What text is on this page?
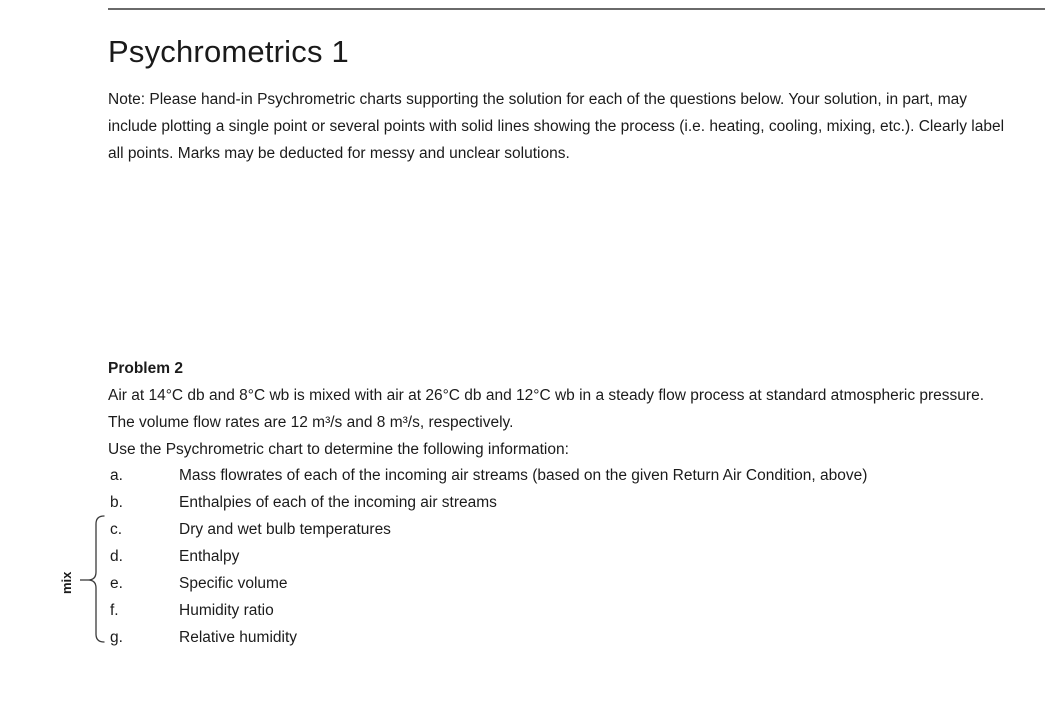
Psychrometrics 1

Note: Please hand-in Psychrometric charts supporting the solution for each of the questions below. Your solution, in part, may include plotting a single point or several points with solid lines showing the process (i.e. heating, cooling, mixing, etc.). Clearly label all points. Marks may be deducted for messy and unclear solutions.

Problem 2

Air at 14°C db and 8°C wb is mixed with air at 26°C db and 12°C wb in a steady flow process at standard atmospheric pressure. The volume flow rates are 12 m³/s and 8 m³/s, respectively.

Use the Psychrometric chart to determine the following information:

a.	Mass flowrates of each of the incoming air streams (based on the given Return Air Condition, above)
b.	Enthalpies of each of the incoming air streams
c.	Dry and wet bulb temperatures
d.	Enthalpy
e.	Specific volume
f.	Humidity ratio
g.	Relative humidity
mix
